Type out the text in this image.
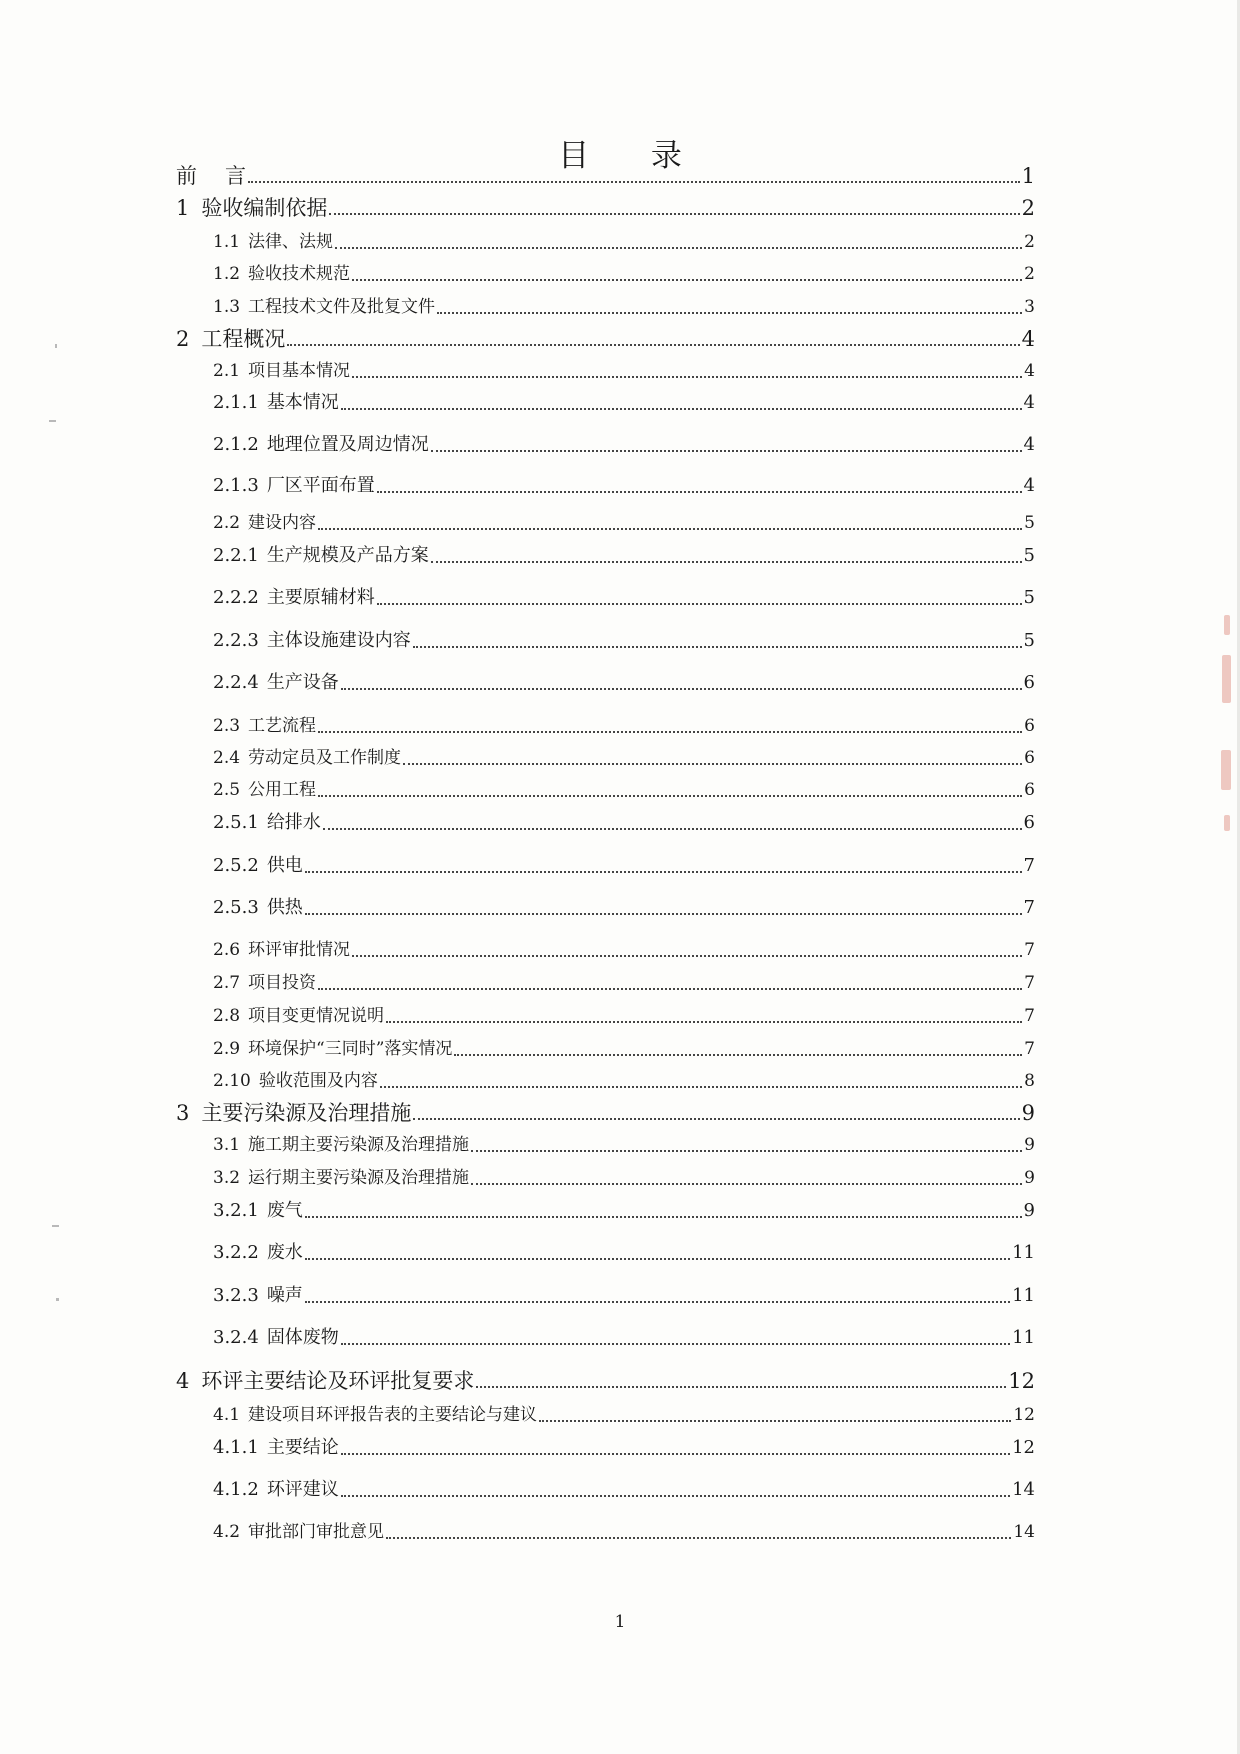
目 录
前 言	1
1 验收编制依据	2
1.1 法律、法规	2
1.2 验收技术规范	2
1.3 工程技术文件及批复文件	3
2 工程概况	4
2.1 项目基本情况	4
2.1.1 基本情况	4
2.1.2 地理位置及周边情况	4
2.1.3 厂区平面布置	4
2.2 建设内容	5
2.2.1 生产规模及产品方案	5
2.2.2 主要原辅材料	5
2.2.3 主体设施建设内容	5
2.2.4 生产设备	6
2.3 工艺流程	6
2.4 劳动定员及工作制度	6
2.5 公用工程	6
2.5.1 给排水	6
2.5.2 供电	7
2.5.3 供热	7
2.6 环评审批情况	7
2.7 项目投资	7
2.8 项目变更情况说明	7
2.9 环境保护“三同时”落实情况	7
2.10 验收范围及内容	8
3 主要污染源及治理措施	9
3.1 施工期主要污染源及治理措施	9
3.2 运行期主要污染源及治理措施	9
3.2.1 废气	9
3.2.2 废水	11
3.2.3 噪声	11
3.2.4 固体废物	11
4 环评主要结论及环评批复要求	12
4.1 建设项目环评报告表的主要结论与建议	12
4.1.1 主要结论	12
4.1.2 环评建议	14
4.2 审批部门审批意见	14
1
